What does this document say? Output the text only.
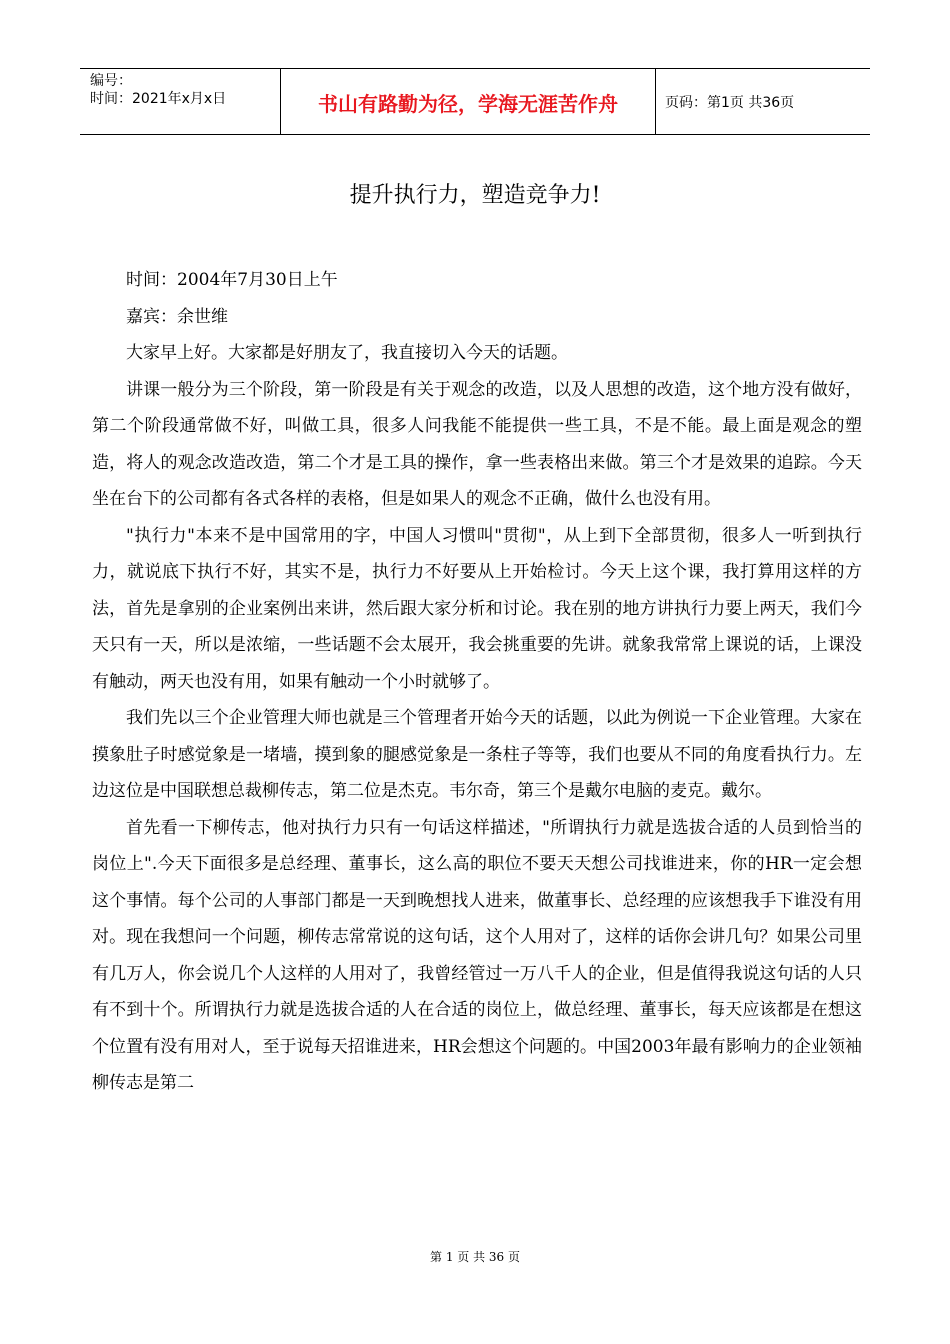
编号：
时间：2021年x月x日	书山有路勤为径，学海无涯苦作舟	页码：第1页 共36页
提升执行力，塑造竞争力!

时间：2004年7月30日上午

嘉宾：余世维

大家早上好。大家都是好朋友了，我直接切入今天的话题。

讲课一般分为三个阶段，第一阶段是有关于观念的改造，以及人思想的改造，这个地方没有做好，第二个阶段通常做不好，叫做工具，很多人问我能不能提供一些工具，不是不能。最上面是观念的塑造，将人的观念改造改造，第二个才是工具的操作，拿一些表格出来做。第三个才是效果的追踪。今天坐在台下的公司都有各式各样的表格，但是如果人的观念不正确，做什么也没有用。

"执行力"本来不是中国常用的字，中国人习惯叫"贯彻"，从上到下全部贯彻，很多人一听到执行力，就说底下执行不好，其实不是，执行力不好要从上开始检讨。今天上这个课，我打算用这样的方法，首先是拿别的企业案例出来讲，然后跟大家分析和讨论。我在别的地方讲执行力要上两天，我们今天只有一天，所以是浓缩，一些话题不会太展开，我会挑重要的先讲。就象我常常上课说的话，上课没有触动，两天也没有用，如果有触动一个小时就够了。

我们先以三个企业管理大师也就是三个管理者开始今天的话题，以此为例说一下企业管理。大家在摸象肚子时感觉象是一堵墙，摸到象的腿感觉象是一条柱子等等，我们也要从不同的角度看执行力。左边这位是中国联想总裁柳传志，第二位是杰克。韦尔奇，第三个是戴尔电脑的麦克。戴尔。

首先看一下柳传志，他对执行力只有一句话这样描述，"所谓执行力就是选拔合适的人员到恰当的岗位上".今天下面很多是总经理、董事长，这么高的职位不要天天想公司找谁进来，你的HR一定会想这个事情。每个公司的人事部门都是一天到晚想找人进来，做董事长、总经理的应该想我手下谁没有用对。现在我想问一个问题，柳传志常常说的这句话，这个人用对了，这样的话你会讲几句？如果公司里有几万人，你会说几个人这样的人用对了，我曾经管过一万八千人的企业，但是值得我说这句话的人只有不到十个。所谓执行力就是选拔合适的人在合适的岗位上，做总经理、董事长，每天应该都是在想这个位置有没有用对人，至于说每天招谁进来，HR会想这个问题的。中国2003年最有影响力的企业领袖柳传志是第二

第 1 页 共 36 页
